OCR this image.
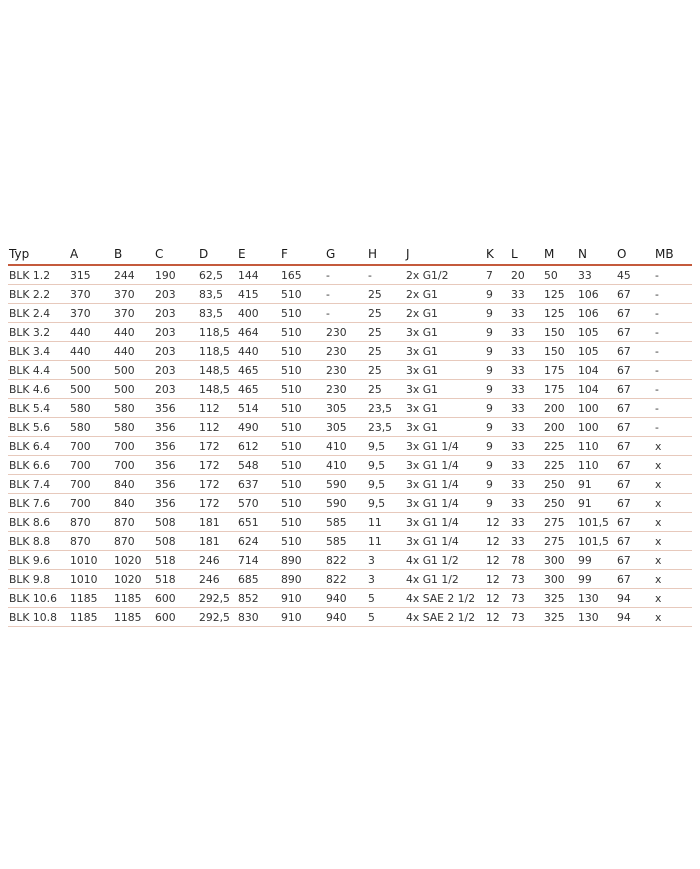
Typ	A	B	C	D	E	F	G	H	J	K	L	M	N	O	MB
BLK 1.2	315	244	190	62,5	144	165	-	-	2x G1/2	7	20	50	33	45	-
BLK 2.2	370	370	203	83,5	415	510	-	25	2x G1	9	33	125	106	67	-
BLK 2.4	370	370	203	83,5	400	510	-	25	2x G1	9	33	125	106	67	-
BLK 3.2	440	440	203	118,5	464	510	230	25	3x G1	9	33	150	105	67	-
BLK 3.4	440	440	203	118,5	440	510	230	25	3x G1	9	33	150	105	67	-
BLK 4.4	500	500	203	148,5	465	510	230	25	3x G1	9	33	175	104	67	-
BLK 4.6	500	500	203	148,5	465	510	230	25	3x G1	9	33	175	104	67	-
BLK 5.4	580	580	356	112	514	510	305	23,5	3x G1	9	33	200	100	67	-
BLK 5.6	580	580	356	112	490	510	305	23,5	3x G1	9	33	200	100	67	-
BLK 6.4	700	700	356	172	612	510	410	9,5	3x G1 1/4	9	33	225	110	67	x
BLK 6.6	700	700	356	172	548	510	410	9,5	3x G1 1/4	9	33	225	110	67	x
BLK 7.4	700	840	356	172	637	510	590	9,5	3x G1 1/4	9	33	250	91	67	x
BLK 7.6	700	840	356	172	570	510	590	9,5	3x G1 1/4	9	33	250	91	67	x
BLK 8.6	870	870	508	181	651	510	585	11	3x G1 1/4	12	33	275	101,5	67	x
BLK 8.8	870	870	508	181	624	510	585	11	3x G1 1/4	12	33	275	101,5	67	x
BLK 9.6	1010	1020	518	246	714	890	822	3	4x G1 1/2	12	78	300	99	67	x
BLK 9.8	1010	1020	518	246	685	890	822	3	4x G1 1/2	12	73	300	99	67	x
BLK 10.6	1185	1185	600	292,5	852	910	940	5	4x SAE 2 1/2	12	73	325	130	94	x
BLK 10.8	1185	1185	600	292,5	830	910	940	5	4x SAE 2 1/2	12	73	325	130	94	x
